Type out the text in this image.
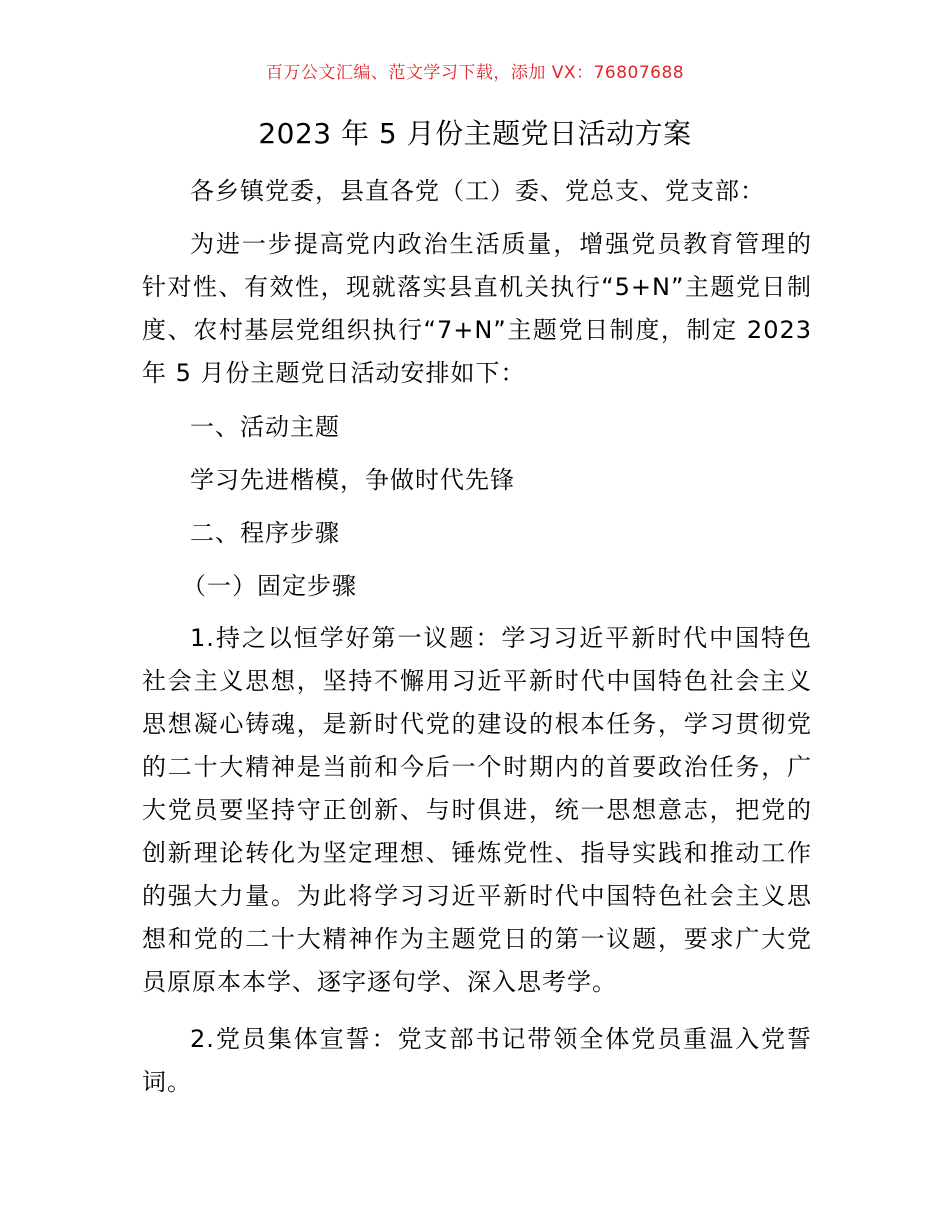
百万公文汇编、范文学习下载，添加 VX：76807688
2023 年 5 月份主题党日活动方案
各乡镇党委，县直各党（工）委、党总支、党支部：
为进一步提高党内政治生活质量，增强党员教育管理的针对性、有效性，现就落实县直机关执行“5+N”主题党日制度、农村基层党组织执行“7+N”主题党日制度，制定 2023 年 5 月份主题党日活动安排如下：
一、活动主题
学习先进楷模，争做时代先锋
二、程序步骤
（一）固定步骤
1.持之以恒学好第一议题：学习习近平新时代中国特色社会主义思想，坚持不懈用习近平新时代中国特色社会主义思想凝心铸魂，是新时代党的建设的根本任务，学习贯彻党的二十大精神是当前和今后一个时期内的首要政治任务，广大党员要坚持守正创新、与时俱进，统一思想意志，把党的创新理论转化为坚定理想、锤炼党性、指导实践和推动工作的强大力量。为此将学习习近平新时代中国特色社会主义思想和党的二十大精神作为主题党日的第一议题，要求广大党员原原本本学、逐字逐句学、深入思考学。
2.党员集体宣誓：党支部书记带领全体党员重温入党誓词。
